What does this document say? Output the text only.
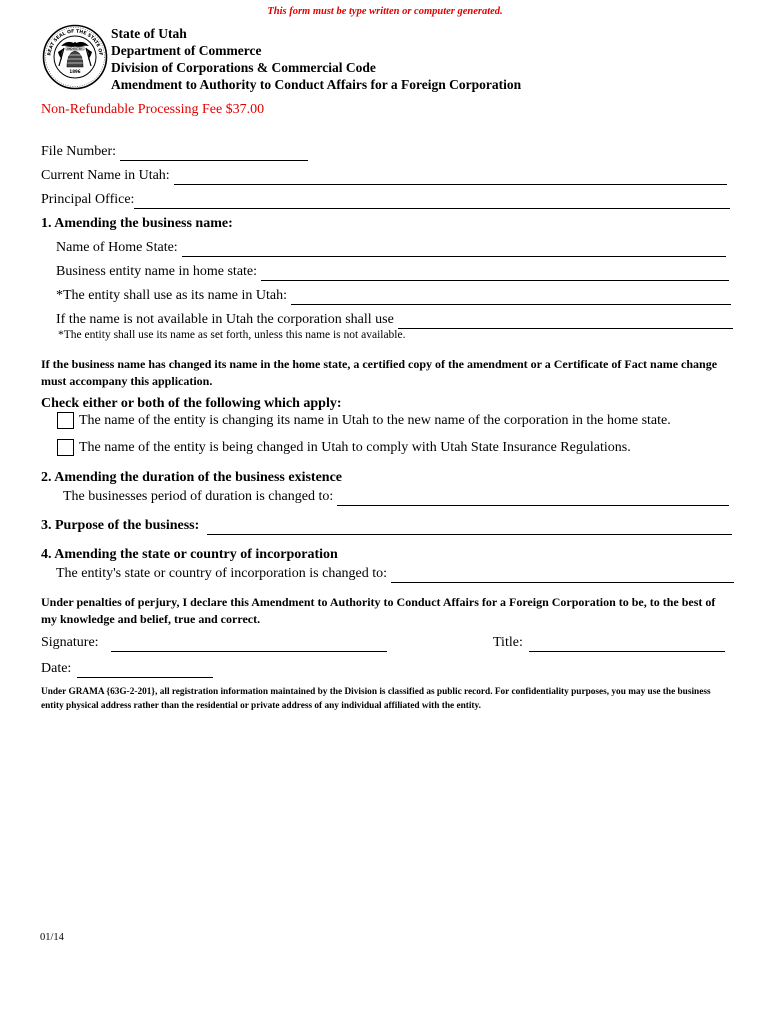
This form must be type written or computer generated.
REAT SEAL OF THE STATE OF
INDUSTRY
1896
State of Utah
Department of Commerce
Division of Corporations & Commercial Code
Amendment to Authority to Conduct Affairs for a Foreign Corporation
Non-Refundable Processing Fee $37.00
File Number:
Current Name in Utah:
Principal Office:
1. Amending the business name:
Name of Home State:
Business entity name in home state:
*The entity shall use as its name in Utah:
If the name is not available in Utah the corporation shall use
*The entity shall use its name as set forth, unless this name is not available.
If the business name has changed its name in the home state, a certified copy of the amendment or a Certificate of Fact name change must accompany this application.
Check either or both of the following which apply:
The name of the entity is changing its name in Utah to the new name of the corporation in the home state.
The name of the entity is being changed in Utah to comply with Utah State Insurance Regulations.
2. Amending the duration of the business existence
The businesses period of duration is changed to:
3. Purpose of the business:
4. Amending the state or country of incorporation
The entity's state or country of incorporation is changed to:
Under penalties of perjury, I declare this Amendment to Authority to Conduct Affairs for a Foreign Corporation to be, to the best of my knowledge and belief, true and correct.
Signature:	Title:
Date:
Under GRAMA {63G-2-201}, all registration information maintained by the Division is classified as public record. For confidentiality purposes, you may use the business entity physical address rather than the residential or private address of any individual affiliated with the entity.
01/14
